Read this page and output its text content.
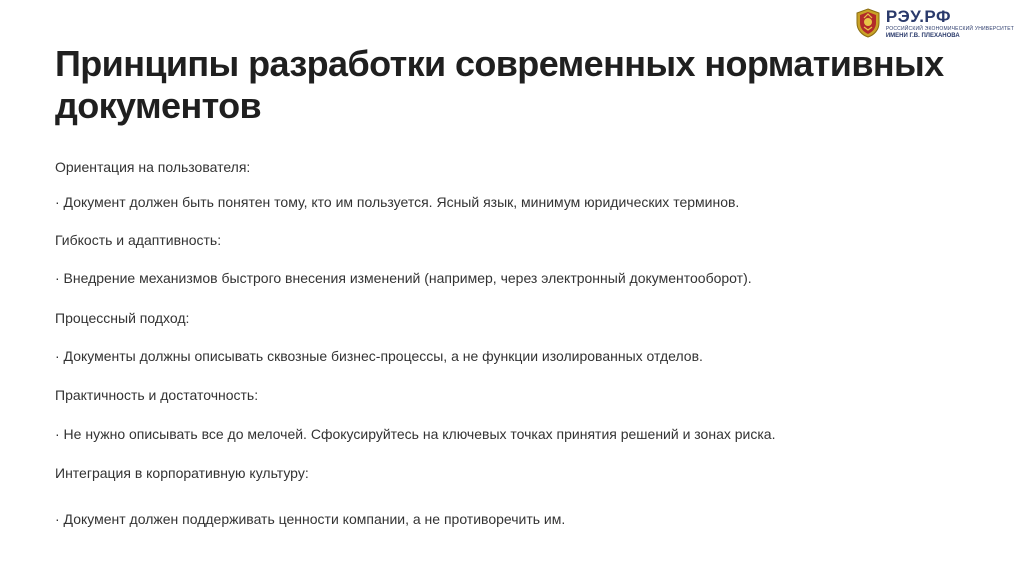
РЭУ.РФ
РОССИЙСКИЙ ЭКОНОМИЧЕСКИЙ УНИВЕРСИТЕТ
ИМЕНИ Г.В. ПЛЕХАНОВА
Принципы разработки современных нормативных документов

Ориентация на пользователя:

· Документ должен быть понятен тому, кто им пользуется. Ясный язык, минимум юридических терминов.

Гибкость и адаптивность:

· Внедрение механизмов быстрого внесения изменений (например, через электронный документооборот).

Процессный подход:

· Документы должны описывать сквозные бизнес-процессы, а не функции изолированных отделов.

Практичность и достаточность:

· Не нужно описывать все до мелочей. Сфокусируйтесь на ключевых точках принятия решений и зонах риска.

Интеграция в корпоративную культуру:

· Документ должен поддерживать ценности компании, а не противоречить им.
